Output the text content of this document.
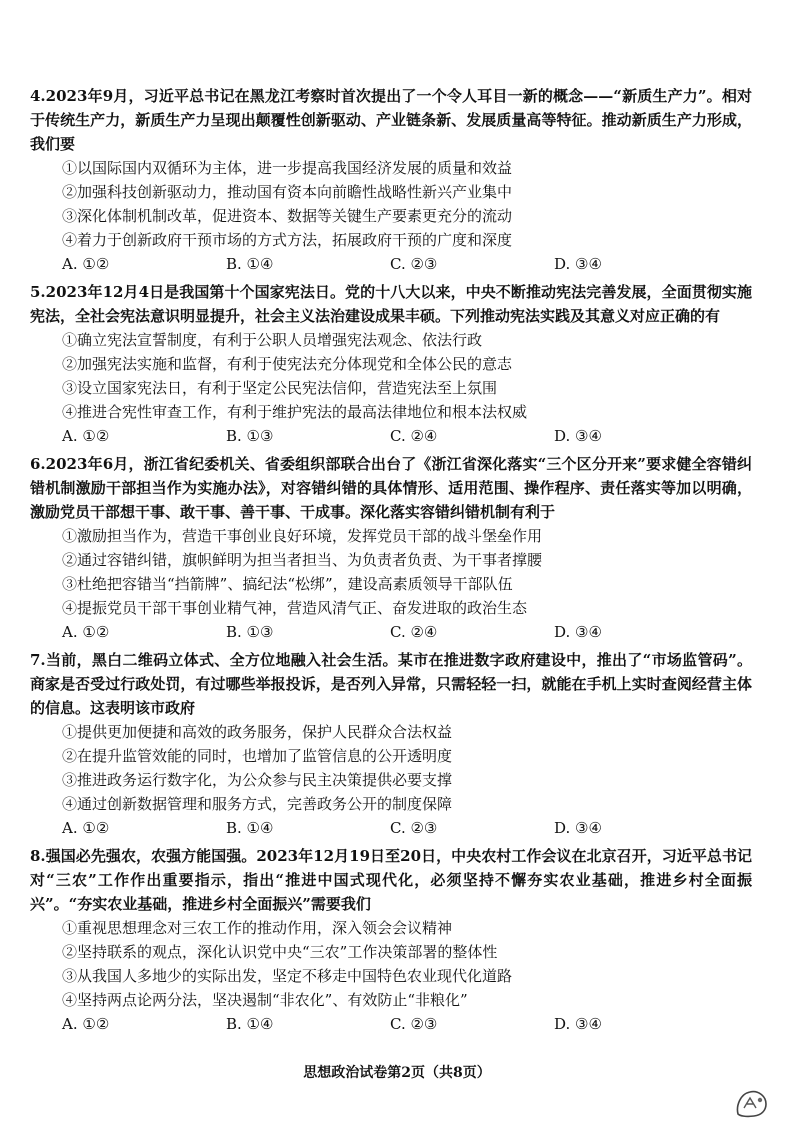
4.2023年9月，习近平总书记在黑龙江考察时首次提出了一个令人耳目一新的概念——“新质生产力”。相对于传统生产力，新质生产力呈现出颠覆性创新驱动、产业链条新、发展质量高等特征。推动新质生产力形成，我们要
①以国际国内双循环为主体，进一步提高我国经济发展的质量和效益
②加强科技创新驱动力，推动国有资本向前瞻性战略性新兴产业集中
③深化体制机制改革，促进资本、数据等关键生产要素更充分的流动
④着力于创新政府干预市场的方式方法，拓展政府干预的广度和深度
A. ①②	B. ①④	C. ②③	D. ③④
5.2023年12月4日是我国第十个国家宪法日。党的十八大以来，中央不断推动宪法完善发展，全面贯彻实施宪法，全社会宪法意识明显提升，社会主义法治建设成果丰硕。下列推动宪法实践及其意义对应正确的有
①确立宪法宣誓制度，有利于公职人员增强宪法观念、依法行政
②加强宪法实施和监督，有利于使宪法充分体现党和全体公民的意志
③设立国家宪法日，有利于坚定公民宪法信仰，营造宪法至上氛围
④推进合宪性审查工作，有利于维护宪法的最高法律地位和根本法权威
A. ①②	B. ①③	C. ②④	D. ③④
6.2023年6月，浙江省纪委机关、省委组织部联合出台了《浙江省深化落实“三个区分开来”要求健全容错纠错机制激励干部担当作为实施办法》，对容错纠错的具体情形、适用范围、操作程序、责任落实等加以明确，激励党员干部想干事、敢干事、善干事、干成事。深化落实容错纠错机制有利于
①激励担当作为，营造干事创业良好环境，发挥党员干部的战斗堡垒作用
②通过容错纠错，旗帜鲜明为担当者担当、为负责者负责、为干事者撑腰
③杜绝把容错当“挡箭牌”、搞纪法“松绑”，建设高素质领导干部队伍
④提振党员干部干事创业精气神，营造风清气正、奋发进取的政治生态
A. ①②	B. ①③	C. ②④	D. ③④
7.当前，黑白二维码立体式、全方位地融入社会生活。某市在推进数字政府建设中，推出了“市场监管码”。商家是否受过行政处罚，有过哪些举报投诉，是否列入异常，只需轻轻一扫，就能在手机上实时查阅经营主体的信息。这表明该市政府
①提供更加便捷和高效的政务服务，保护人民群众合法权益
②在提升监管效能的同时，也增加了监管信息的公开透明度
③推进政务运行数字化，为公众参与民主决策提供必要支撑
④通过创新数据管理和服务方式，完善政务公开的制度保障
A. ①②	B. ①④	C. ②③	D. ③④
8.强国必先强农，农强方能国强。2023年12月19日至20日，中央农村工作会议在北京召开，习近平总书记对“三农”工作作出重要指示，指出“推进中国式现代化，必须坚持不懈夯实农业基础，推进乡村全面振兴”。“夯实农业基础，推进乡村全面振兴”需要我们
①重视思想理念对三农工作的推动作用，深入领会会议精神
②坚持联系的观点，深化认识党中央“三农”工作决策部署的整体性
③从我国人多地少的实际出发，坚定不移走中国特色农业现代化道路
④坚持两点论两分法，坚决遏制“非农化”、有效防止“非粮化”
A. ①②	B. ①④	C. ②③	D. ③④
思想政治试卷第2页（共8页）
